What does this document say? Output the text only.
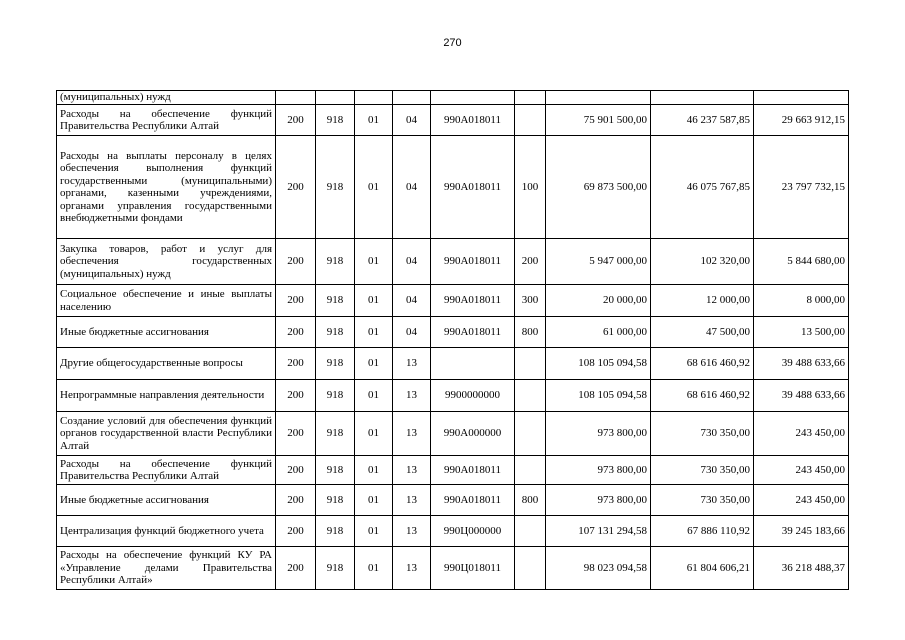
270
(муниципальных) нужд									
Расходы на обеспечение функций Правительства Республики Алтай	200	918	01	04	990A018011		75 901 500,00	46 237 587,85	29 663 912,15
Расходы на выплаты персоналу в целях обеспечения выполнения функций государственными (муниципальными) органами, казенными учреждениями, органами управления государственными внебюджетными фондами	200	918	01	04	990A018011	100	69 873 500,00	46 075 767,85	23 797 732,15
Закупка товаров, работ и услуг для обеспечения государственных (муниципальных) нужд	200	918	01	04	990A018011	200	5 947 000,00	102 320,00	5 844 680,00
Социальное обеспечение и иные выплаты населению	200	918	01	04	990A018011	300	20 000,00	12 000,00	8 000,00
Иные бюджетные ассигнования	200	918	01	04	990A018011	800	61 000,00	47 500,00	13 500,00
Другие общегосударственные вопросы	200	918	01	13			108 105 094,58	68 616 460,92	39 488 633,66
Непрограммные направления деятельности	200	918	01	13	9900000000		108 105 094,58	68 616 460,92	39 488 633,66
Создание условий для обеспечения функций органов государственной власти Республики Алтай	200	918	01	13	990A000000		973 800,00	730 350,00	243 450,00
Расходы на обеспечение функций Правительства Республики Алтай	200	918	01	13	990A018011		973 800,00	730 350,00	243 450,00
Иные бюджетные ассигнования	200	918	01	13	990A018011	800	973 800,00	730 350,00	243 450,00
Централизация функций бюджетного учета	200	918	01	13	990Ц000000		107 131 294,58	67 886 110,92	39 245 183,66
Расходы на обеспечение функций КУ РА «Управление делами Правительства Республики Алтай»	200	918	01	13	990Ц018011		98 023 094,58	61 804 606,21	36 218 488,37
